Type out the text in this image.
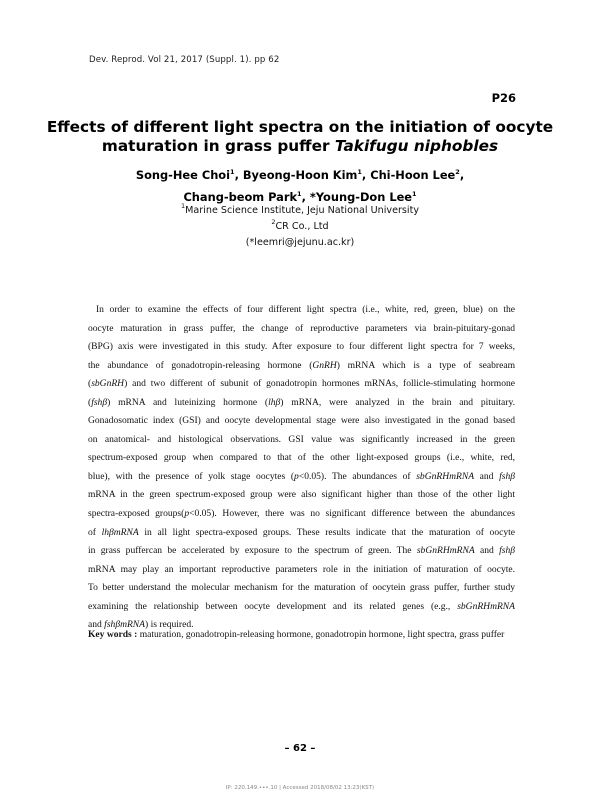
Dev. Reprod. Vol 21, 2017 (Suppl. 1). pp 62
P26
Effects of different light spectra on the initiation of oocyte
maturation in grass puffer Takifugu niphobles
Song-Hee Choi$^1$, Byeong-Hoon Kim$^1$, Chi-Hoon Lee$^2$,
Chang-beom Park$^1$, *Young-Don Lee$^1$
$^1$Marine Science Institute, Jeju National University
$^2$CR Co., Ltd
(*leemri@jejunu.ac.kr)
In order to examine the effects of four different light spectra (i.e., white, red, green, blue) on the
oocyte maturation in grass puffer, the change of reproductive parameters via brain-pituitary-gonad
(BPG) axis were investigated in this study. After exposure to four different light spectra for 7 weeks,
the abundance of gonadotropin-releasing hormone (GnRH) mRNA which is a type of seabream
(sbGnRH) and two different of subunit of gonadotropin hormones mRNAs, follicle-stimulating hormone
(fshβ) mRNA and luteinizing hormone (lhβ) mRNA, were analyzed in the brain and pituitary.
Gonadosomatic index (GSI) and oocyte developmental stage were also investigated in the gonad based
on anatomical- and histological observations. GSI value was significantly increased in the green
spectrum-exposed group when compared to that of the other light-exposed groups (i.e., white, red,
blue), with the presence of yolk stage oocytes (p<0.05). The abundances of sbGnRHmRNA and fshβ
mRNA in the green spectrum-exposed group were also significant higher than those of the other light
spectra-exposed groups(p<0.05). However, there was no significant difference between the abundances
of lhβmRNA in all light spectra-exposed groups. These results indicate that the maturation of oocyte
in grass puffercan be accelerated by exposure to the spectrum of green. The sbGnRHmRNA and fshβ
mRNA may play an important reproductive parameters role in the initiation of maturation of oocyte.
To better understand the molecular mechanism for the maturation of oocytein grass puffer, further study
examining the relationship between oocyte development and its related genes (e.g., sbGnRHmRNA
and fshβmRNA) is required.
Key words : maturation, gonadotropin-releasing hormone, gonadotropin hormone, light spectra, grass puffer
– 62 –
IP: 220.149.•••.10 | Accessed 2018/08/02 13:23(KST)
